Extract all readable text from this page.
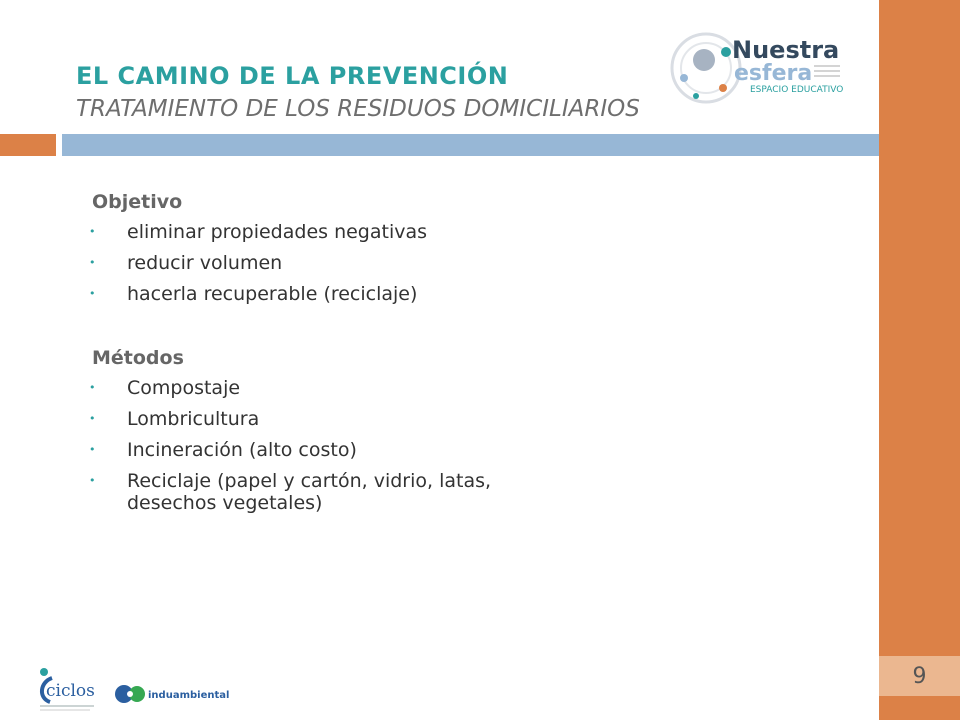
EL CAMINO DE LA PREVENCIÓN
TRATAMIENTO DE LOS RESIDUOS DOMICILIARIOS
Nuestra
esfera
ESPACIO EDUCATIVO
Objetivo
• eliminar propiedades negativas
• reducir volumen
• hacerla recuperable (reciclaje)
Métodos
• Compostaje
• Lombricultura
• Incineración (alto costo)
• Reciclaje (papel y cartón, vidrio, latas, desechos vegetales)
ciclos	induambiental
9
